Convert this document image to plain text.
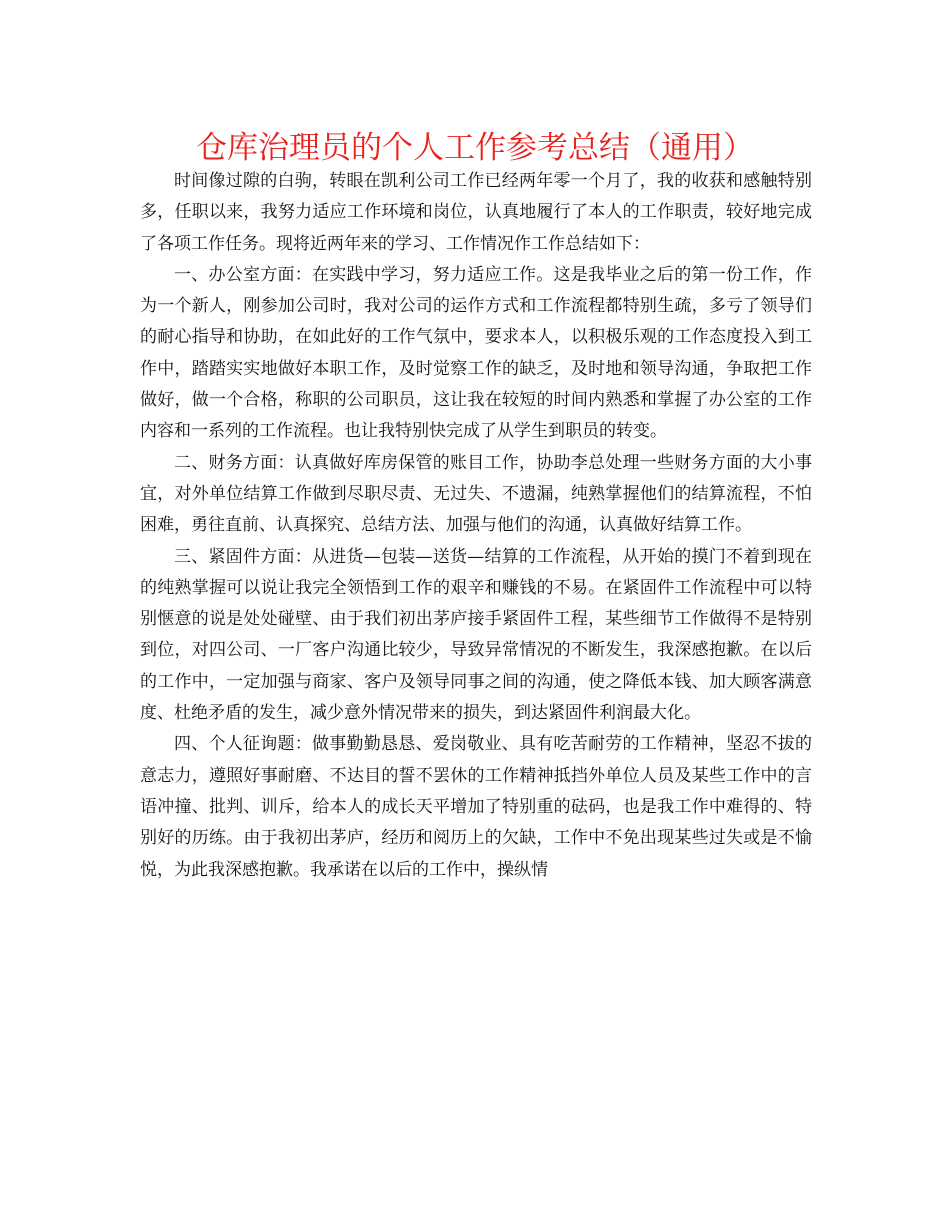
仓库治理员的个人工作参考总结（通用）

时间像过隙的白驹，转眼在凯利公司工作已经两年零一个月了，我的收获和感触特别多，任职以来，我努力适应工作环境和岗位，认真地履行了本人的工作职责，较好地完成了各项工作任务。现将近两年来的学习、工作情况作工作总结如下：

一、办公室方面：在实践中学习，努力适应工作。这是我毕业之后的第一份工作，作为一个新人，刚参加公司时，我对公司的运作方式和工作流程都特别生疏，多亏了领导们的耐心指导和协助，在如此好的工作气氛中，要求本人，以积极乐观的工作态度投入到工作中，踏踏实实地做好本职工作，及时觉察工作的缺乏，及时地和领导沟通，争取把工作做好，做一个合格，称职的公司职员，这让我在较短的时间内熟悉和掌握了办公室的工作内容和一系列的工作流程。也让我特别快完成了从学生到职员的转变。

二、财务方面：认真做好库房保管的账目工作，协助李总处理一些财务方面的大小事宜，对外单位结算工作做到尽职尽责、无过失、不遗漏，纯熟掌握他们的结算流程，不怕困难，勇往直前、认真探究、总结方法、加强与他们的沟通，认真做好结算工作。

三、紧固件方面：从进货—包装—送货—结算的工作流程，从开始的摸门不着到现在的纯熟掌握可以说让我完全领悟到工作的艰辛和赚钱的不易。在紧固件工作流程中可以特别惬意的说是处处碰壁、由于我们初出茅庐接手紧固件工程，某些细节工作做得不是特别到位，对四公司、一厂客户沟通比较少，导致异常情况的不断发生，我深感抱歉。在以后的工作中，一定加强与商家、客户及领导同事之间的沟通，使之降低本钱、加大顾客满意度、杜绝矛盾的发生，减少意外情况带来的损失，到达紧固件利润最大化。

四、个人征询题：做事勤勤恳恳、爱岗敬业、具有吃苦耐劳的工作精神，坚忍不拔的意志力，遵照好事耐磨、不达目的誓不罢休的工作精神抵挡外单位人员及某些工作中的言语冲撞、批判、训斥，给本人的成长天平增加了特别重的砝码，也是我工作中难得的、特别好的历练。由于我初出茅庐，经历和阅历上的欠缺，工作中不免出现某些过失或是不愉悦，为此我深感抱歉。我承诺在以后的工作中，操纵情
